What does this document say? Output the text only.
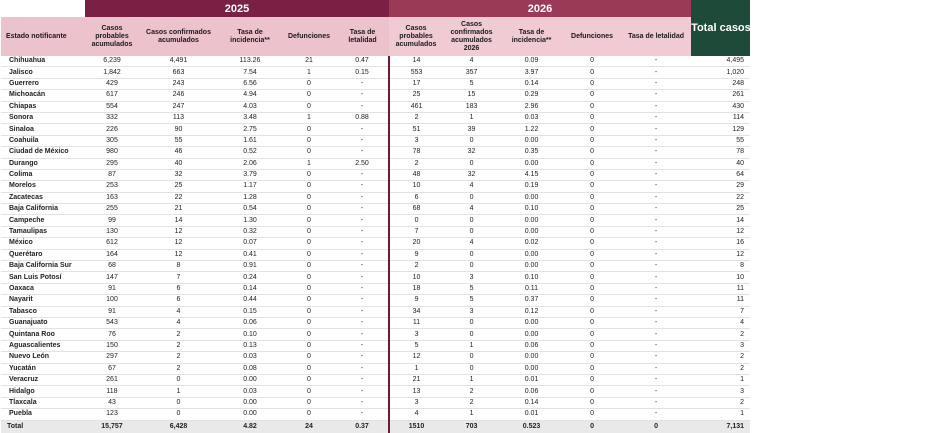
	2025					2026					Total casos confirmados acumulados 2025-2026
Estado notificante	Casos probables acumulados	Casos confirmados acumulados	Tasa de incidencia**	Defunciones	Tasa de letalidad	Casos probables acumulados	Casos confirmados acumulados 2026	Tasa de incidencia**	Defunciones	Tasa de letalidad	
Chihuahua	6,239	4,491	113.26	21	0.47	14	4	0.09	0	-	4,495
Jalisco	1,842	663	7.54	1	0.15	553	357	3.97	0	-	1,020
Guerrero	429	243	6.56	0	-	17	5	0.14	0	-	248
Michoacán	617	246	4.94	0	-	25	15	0.29	0	-	261
Chiapas	554	247	4.03	0	-	461	183	2.96	0	-	430
Sonora	332	113	3.48	1	0.88	2	1	0.03	0	-	114
Sinaloa	226	90	2.75	0	-	51	39	1.22	0	-	129
Coahuila	305	55	1.61	0	-	3	0	0.00	0	-	55
Ciudad de México	980	46	0.52	0	-	78	32	0.35	0	-	78
Durango	295	40	2.06	1	2.50	2	0	0.00	0	-	40
Colima	87	32	3.79	0	-	48	32	4.15	0	-	64
Morelos	253	25	1.17	0	-	10	4	0.19	0	-	29
Zacatecas	163	22	1.28	0	-	6	0	0.00	0	-	22
Baja California	255	21	0.54	0	-	68	4	0.10	0	-	25
Campeche	99	14	1.30	0	-	0	0	0.00	0	-	14
Tamaulipas	130	12	0.32	0	-	7	0	0.00	0	-	12
México	612	12	0.07	0	-	20	4	0.02	0	-	16
Querétaro	164	12	0.41	0	-	9	0	0.00	0	-	12
Baja California Sur	68	8	0.91	0	-	2	0	0.00	0	-	8
San Luis Potosí	147	7	0.24	0	-	10	3	0.10	0	-	10
Oaxaca	91	6	0.14	0	-	18	5	0.11	0	-	11
Nayarit	100	6	0.44	0	-	9	5	0.37	0	-	11
Tabasco	91	4	0.15	0	-	34	3	0.12	0	-	7
Guanajuato	543	4	0.06	0	-	11	0	0.00	0	-	4
Quintana Roo	76	2	0.10	0	-	3	0	0.00	0	-	2
Aguascalientes	150	2	0.13	0	-	5	1	0.06	0	-	3
Nuevo León	297	2	0.03	0	-	12	0	0.00	0	-	2
Yucatán	67	2	0.08	0	-	1	0	0.00	0	-	2
Veracruz	261	0	0.00	0	-	21	1	0.01	0	-	1
Hidalgo	118	1	0.03	0	-	13	2	0.06	0	-	3
Tlaxcala	43	0	0.00	0	-	3	2	0.14	0	-	2
Puebla	123	0	0.00	0	-	4	1	0.01	0	-	1
Total	15,757	6,428	4.82	24	0.37	1510	703	0.523	0	0	7,131
